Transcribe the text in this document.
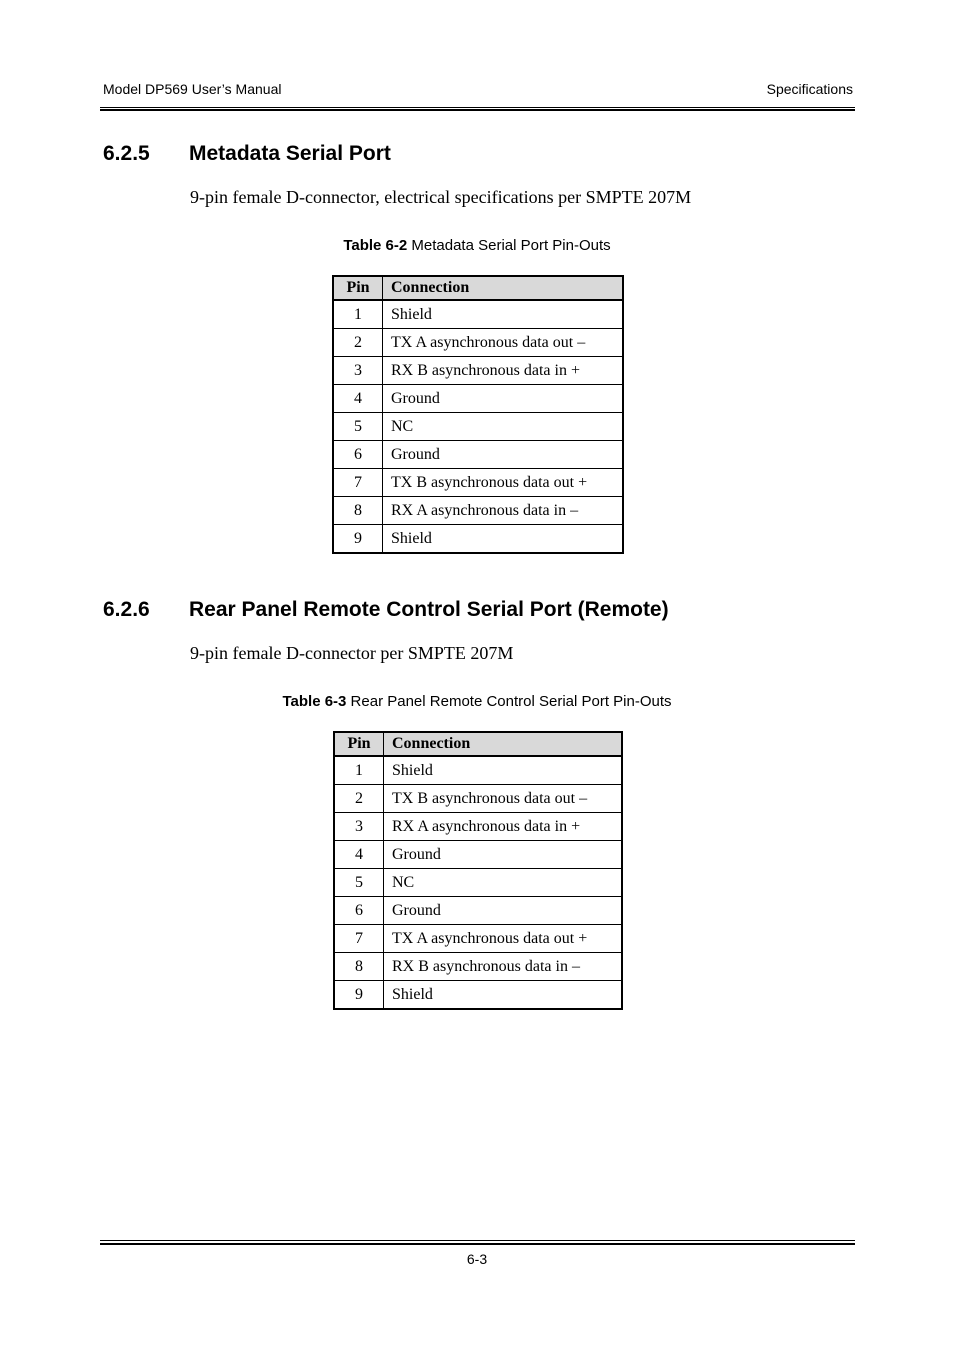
Model DP569 User’s Manual	Specifications
6.2.5 Metadata Serial Port
9-pin female D-connector, electrical specifications per SMPTE 207M
Table 6-2 Metadata Serial Port Pin-Outs
Pin	Connection
1	Shield
2	TX A asynchronous data out –
3	RX B asynchronous data in +
4	Ground
5	NC
6	Ground
7	TX B asynchronous data out +
8	RX A asynchronous data in –
9	Shield
6.2.6 Rear Panel Remote Control Serial Port (Remote)
9-pin female D-connector per SMPTE 207M
Table 6-3 Rear Panel Remote Control Serial Port Pin-Outs
Pin	Connection
1	Shield
2	TX B asynchronous data out –
3	RX A asynchronous data in +
4	Ground
5	NC
6	Ground
7	TX A asynchronous data out +
8	RX B asynchronous data in –
9	Shield
6-3
